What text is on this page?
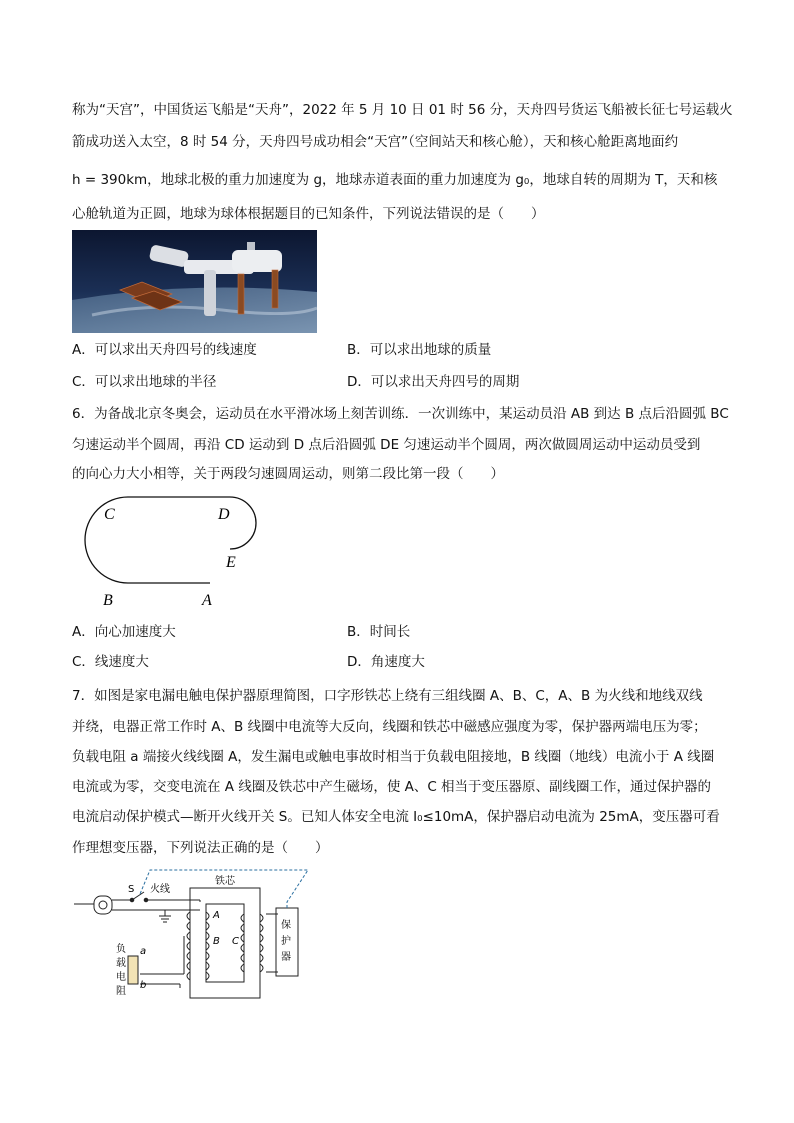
称为“天宫”，中国货运飞船是“天舟”，2022 年 5 月 10 日 01 时 56 分，天舟四号货运飞船被长征七号运载火
箭成功送入太空，8 时 54 分，天舟四号成功相会“天宫”（空间站天和核心舱），天和核心舱距离地面约
h = 390km，地球北极的重力加速度为 g，地球赤道表面的重力加速度为 g₀，地球自转的周期为 T，天和核
心舱轨道为正圆，地球为球体根据题目的已知条件，下列说法错误的是（　　）
A．可以求出天舟四号的线速度	B．可以求出地球的质量
C．可以求出地球的半径	D．可以求出天舟四号的周期
6．为备战北京冬奥会，运动员在水平滑冰场上刻苦训练．一次训练中，某运动员沿 AB 到达 B 点后沿圆弧 BC
匀速运动半个圆周，再沿 CD 运动到 D 点后沿圆弧 DE 匀速运动半个圆周，两次做圆周运动中运动员受到
的向心力大小相等，关于两段匀速圆周运动，则第二段比第一段（　　）
C	D
E
B	A
A．向心加速度大	B．时间长
C．线速度大	D．角速度大
7．如图是家电漏电触电保护器原理简图，口字形铁芯上绕有三组线圈 A、B、C，A、B 为火线和地线双线
并绕，电器正常工作时 A、B 线圈中电流等大反向，线圈和铁芯中磁感应强度为零，保护器两端电压为零；
负载电阻 a 端接火线线圈 A，发生漏电或触电事故时相当于负载电阻接地，B 线圈（地线）电流小于 A 线圈
电流或为零，交变电流在 A 线圈及铁芯中产生磁场，使 A、C 相当于变压器原、副线圈工作，通过保护器的
电流启动保护模式—断开火线开关 S。已知人体安全电流 I₀≤10mA，保护器启动电流为 25mA，变压器可看
作理想变压器，下列说法正确的是（　　）
S 火线
铁芯
A
B C
保
护
器
负
载
电
阻
a
b
